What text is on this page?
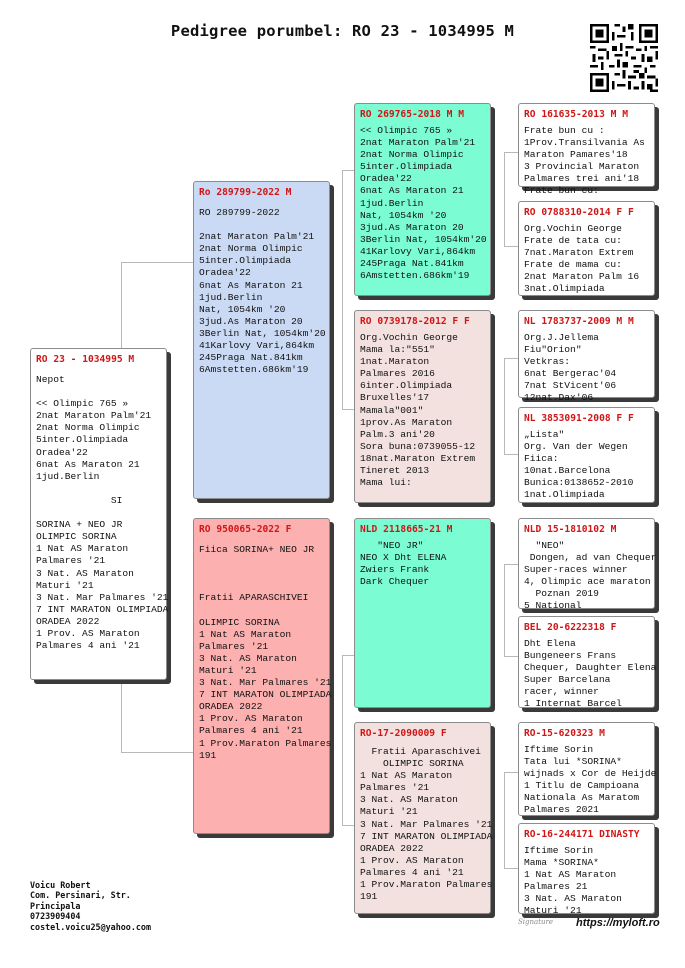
Pedigree porumbel: RO 23 - 1034995 M
RO 23 - 1034995 M
Nepot

<< Olimpic 765 »
2nat Maraton Palm'21
2nat Norma Olimpic
5inter.Olimpiada
Oradea'22
6nat As Maraton 21
1jud.Berlin

SI

SORINA + NEO JR
OLIMPIC SORINA
1 Nat AS Maraton
Palmares '21
3 Nat. AS Maraton
Maturi '21
3 Nat. Mar Palmares '21
7 INT MARATON OLIMPIADA
ORADEA 2022
1 Prov. AS Maraton
Palmares 4 ani '21
Ro 289799-2022 M
RO 289799-2022

2nat Maraton Palm'21
2nat Norma Olimpic
5inter.Olimpiada
Oradea'22
6nat As Maraton 21
1jud.Berlin
Nat, 1054km '20
3jud.As Maraton 20
3Berlin Nat, 1054km'20
41Karlovy Vari,864km
245Praga Nat.841km
6Amstetten.686km'19
RO 950065-2022 F
Fiica SORINA+ NEO JR

Fratii APARASCHIVEI

OLIMPIC SORINA
1 Nat AS Maraton
Palmares '21
3 Nat. AS Maraton
Maturi '21
3 Nat. Mar Palmares '21
7 INT MARATON OLIMPIADA
ORADEA 2022
1 Prov. AS Maraton
Palmares 4 ani '21
1 Prov.Maraton Palmares
191
RO 269765-2018 M M
<< Olimpic 765 »
2nat Maraton Palm'21
2nat Norma Olimpic
5inter.Olimpiada
Oradea'22
6nat As Maraton 21
1jud.Berlin
Nat, 1054km '20
3jud.As Maraton 20
3Berlin Nat, 1054km'20
41Karlovy Vari,864km
245Praga Nat.841km
6Amstetten.686km'19
RO 0739178-2012 F F
Org.Vochin George
Mama la:"551"
1nat.Maraton
Palmares 2016
6inter.Olimpiada
Bruxelles'17
Mamala"001"
1prov.As Maraton
Palm.3 ani'20
Sora buna:0739055-12
18nat.Maraton Extrem
Tineret 2013
Mama lui:
NLD 2118665-21 M
"NEO JR"
NEO X Dht ELENA
Zwiers Frank
Dark Chequer
RO-17-2090009 F
Fratii Aparaschivei
OLIMPIC SORINA
1 Nat AS Maraton
Palmares '21
3 Nat. AS Maraton
Maturi '21
3 Nat. Mar Palmares '21
7 INT MARATON OLIMPIADA
ORADEA 2022
1 Prov. AS Maraton
Palmares 4 ani '21
1 Prov.Maraton Palmares
191
RO 161635-2013 M M
Frate bun cu :
1Prov.Transilvania As
Maraton Pamares'18
3 Provincial Maraton
Palmares trei ani'18
Frate bun cu:
RO 0788310-2014 F F
Org.Vochin George
Frate de tata cu:
7nat.Maraton Extrem
Frate de mama cu:
2nat Maraton Palm 16
3nat.Olimpiada
NL 1783737-2009 M M
Org.J.Jellema
Fiu"Orion"
Vetkras:
6nat Bergerac'04
7nat StVicent'06
12nat.Dax'06
NL 3853091-2008 F F
„Lista"
Org. Van der Wegen
Fiica:
10nat.Barcelona
Bunica:0138652-2010
1nat.Olimpiada
NLD 15-1810102 M
"NEO"
Dongen, ad van Chequer
Super-races winner
4, Olimpic ace maraton
Poznan 2019
5 National
BEL 20-6222318 F
Dht Elena
Bungeneers Frans
Chequer, Daughter Elena
Super Barcelana
racer, winner
1 Internat Barcel
RO-15-620323 M
Iftime Sorin
Tata lui *SORINA*
wijnads x Cor de Heijde
1 Titlu de Campioana
Nationala As Maratom
Palmares 2021
RO-16-244171 DINASTY
Iftime Sorin
Mama *SORINA*
1 Nat AS Maraton
Palmares 21
3 Nat. AS Maraton
Maturi '21
Voicu Robert
Com. Persinari, Str.
Principala
0723909404
costel.voicu25@yahoo.com	Signature https://myloft.ro
